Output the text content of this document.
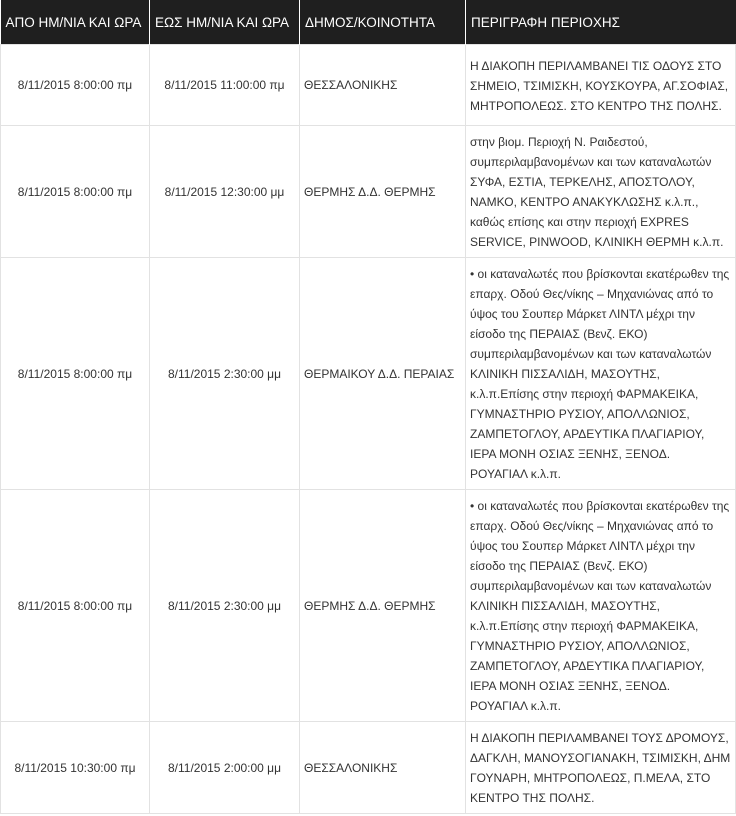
ΑΠΟ ΗΜ/ΝΙΑ ΚΑΙ ΩΡΑ	ΕΩΣ ΗΜ/ΝΙΑ ΚΑΙ ΩΡΑ	ΔΗΜΟΣ/ΚΟΙΝΟΤΗΤΑ	ΠΕΡΙΓΡΑΦΗ ΠΕΡΙΟΧΗΣ
8/11/2015 8:00:00 πμ	8/11/2015 11:00:00 πμ	ΘΕΣΣΑΛΟΝΙΚΗΣ	Η ΔΙΑΚΟΠΗ ΠΕΡΙΛΑΜΒΑΝΕΙ ΤΙΣ ΟΔΟΥΣ ΣΤΟ ΣΗΜΕΙΟ, ΤΣΙΜΙΣΚΗ, ΚΟΥΣΚΟΥΡΑ, ΑΓ.ΣΟΦΙΑΣ, ΜΗΤΡΟΠΟΛΕΩΣ. ΣΤΟ ΚΕΝΤΡΟ ΤΗΣ ΠΟΛΗΣ.
8/11/2015 8:00:00 πμ	8/11/2015 12:30:00 μμ	ΘΕΡΜΗΣ Δ.Δ. ΘΕΡΜΗΣ	στην βιομ. Περιοχή Ν. Ραιδεστού, συμπεριλαμβανομένων και των καταναλωτών ΣΥΦΑ, ΕΣΤΙΑ, ΤΕΡΚΕΛΗΣ, ΑΠΟΣΤΟΛΟΥ, ΝΑΜΚΟ, ΚΕΝΤΡΟ ΑΝΑΚΥΚΛΩΣΗΣ κ.λ.π., καθώς επίσης και στην περιοχή EXPRES SERVICE, PINWOOD, ΚΛΙΝΙΚΗ ΘΕΡΜΗ κ.λ.π.
8/11/2015 8:00:00 πμ	8/11/2015 2:30:00 μμ	ΘΕΡΜΑΙΚΟΥ Δ.Δ. ΠΕΡΑΙΑΣ	• οι καταναλωτές που βρίσκονται εκατέρωθεν της επαρχ. Οδού Θες/νίκης – Μηχανιώνας από το ύψος του Σουπερ Μάρκετ ΛΙΝΤΛ μέχρι την είσοδο της ΠΕΡΑΙΑΣ (Βενζ. ΕΚΟ) συμπεριλαμβανομένων και των καταναλωτών ΚΛΙΝΙΚΗ ΠΙΣΣΑΛΙΔΗ, ΜΑΣΟΥΤΗΣ, κ.λ.π.Επίσης στην περιοχή ΦΑΡΜΑΚΕΙΚΑ, ΓΥΜΝΑΣΤΗΡΙΟ ΡΥΣΙΟΥ, ΑΠΟΛΛΩΝΙΟΣ, ΖΑΜΠΕΤΟΓΛΟΥ, ΑΡΔΕΥΤΙΚΑ ΠΛΑΓΙΑΡΙΟΥ, ΙΕΡΑ ΜΟΝΗ ΟΣΙΑΣ ΞΕΝΗΣ, ΞΕΝΟΔ. ΡΟΥΑΓΙΑΛ κ.λ.π.
8/11/2015 8:00:00 πμ	8/11/2015 2:30:00 μμ	ΘΕΡΜΗΣ Δ.Δ. ΘΕΡΜΗΣ	• οι καταναλωτές που βρίσκονται εκατέρωθεν της επαρχ. Οδού Θες/νίκης – Μηχανιώνας από το ύψος του Σουπερ Μάρκετ ΛΙΝΤΛ μέχρι την είσοδο της ΠΕΡΑΙΑΣ (Βενζ. ΕΚΟ) συμπεριλαμβανομένων και των καταναλωτών ΚΛΙΝΙΚΗ ΠΙΣΣΑΛΙΔΗ, ΜΑΣΟΥΤΗΣ, κ.λ.π.Επίσης στην περιοχή ΦΑΡΜΑΚΕΙΚΑ, ΓΥΜΝΑΣΤΗΡΙΟ ΡΥΣΙΟΥ, ΑΠΟΛΛΩΝΙΟΣ, ΖΑΜΠΕΤΟΓΛΟΥ, ΑΡΔΕΥΤΙΚΑ ΠΛΑΓΙΑΡΙΟΥ, ΙΕΡΑ ΜΟΝΗ ΟΣΙΑΣ ΞΕΝΗΣ, ΞΕΝΟΔ. ΡΟΥΑΓΙΑΛ κ.λ.π.
8/11/2015 10:30:00 πμ	8/11/2015 2:00:00 μμ	ΘΕΣΣΑΛΟΝΙΚΗΣ	Η ΔΙΑΚΟΠΗ ΠΕΡΙΛΑΜΒΑΝΕΙ ΤΟΥΣ ΔΡΟΜΟΥΣ, ΔΑΓΚΛΗ, ΜΑΝΟΥΣΟΓΙΑΝΑΚΗ, ΤΣΙΜΙΣΚΗ, ΔΗΜ ΓΟΥΝΑΡΗ, ΜΗΤΡΟΠΟΛΕΩΣ, Π.ΜΕΛΑ, ΣΤΟ ΚΕΝΤΡΟ ΤΗΣ ΠΟΛΗΣ.
